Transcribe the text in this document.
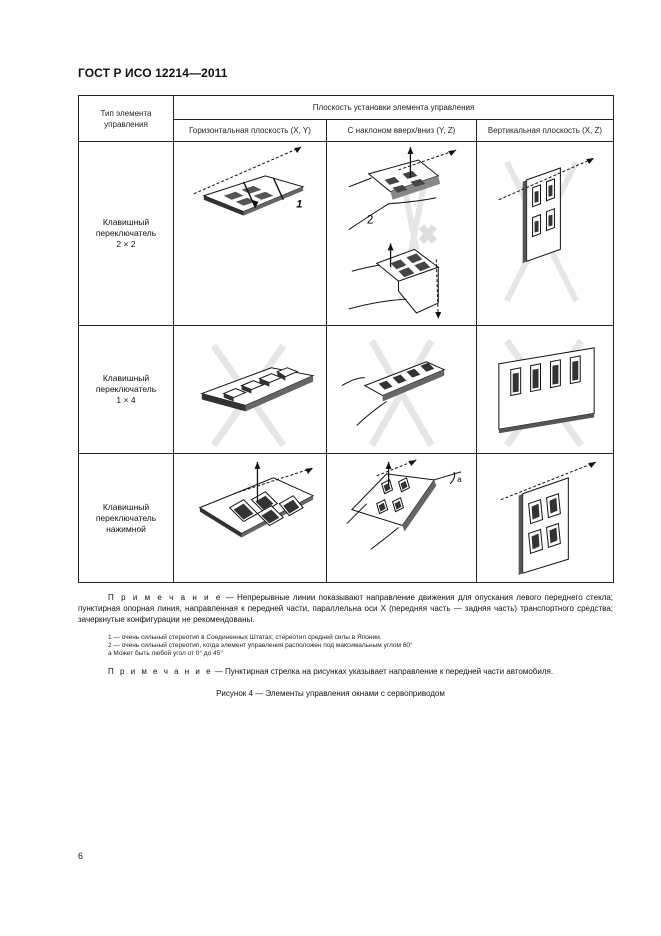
ГОСТ Р ИСО 12214—2011
Тип элемента управления	Плоскость установки элемента управления		
	Горизонтальная плоскость (X, Y)	С наклоном вверх/вниз (Y, Z)	Вертикальная плоскость (X, Z)
Клавишный переключатель 2 × 2	1	2

Клавишный переключатель 1 × 4	

Клавишный переключатель нажимной		а

П р и м е ч а н и е — Непрерывные линии показывают направление движения для опускания левого переднего стекла; пунктирная опорная линия, направленная к передней части, параллельна оси X (передняя часть — задняя часть) транспортного средства; зачеркнутые конфигурации не рекомендованы.
1 — очень сильный стереотип в Соединенных Штатах; стереотип средней силы в Японии.
2 — очень сильный стереотип, когда элемент управления расположен под максимальным углом 60°
а Может быть любой угол от 0° до 45°
П р и м е ч а н и е — Пунктирная стрелка на рисунках указывает направление к передней части автомобиля.
Рисунок 4 — Элементы управления окнами с сервоприводом
6
